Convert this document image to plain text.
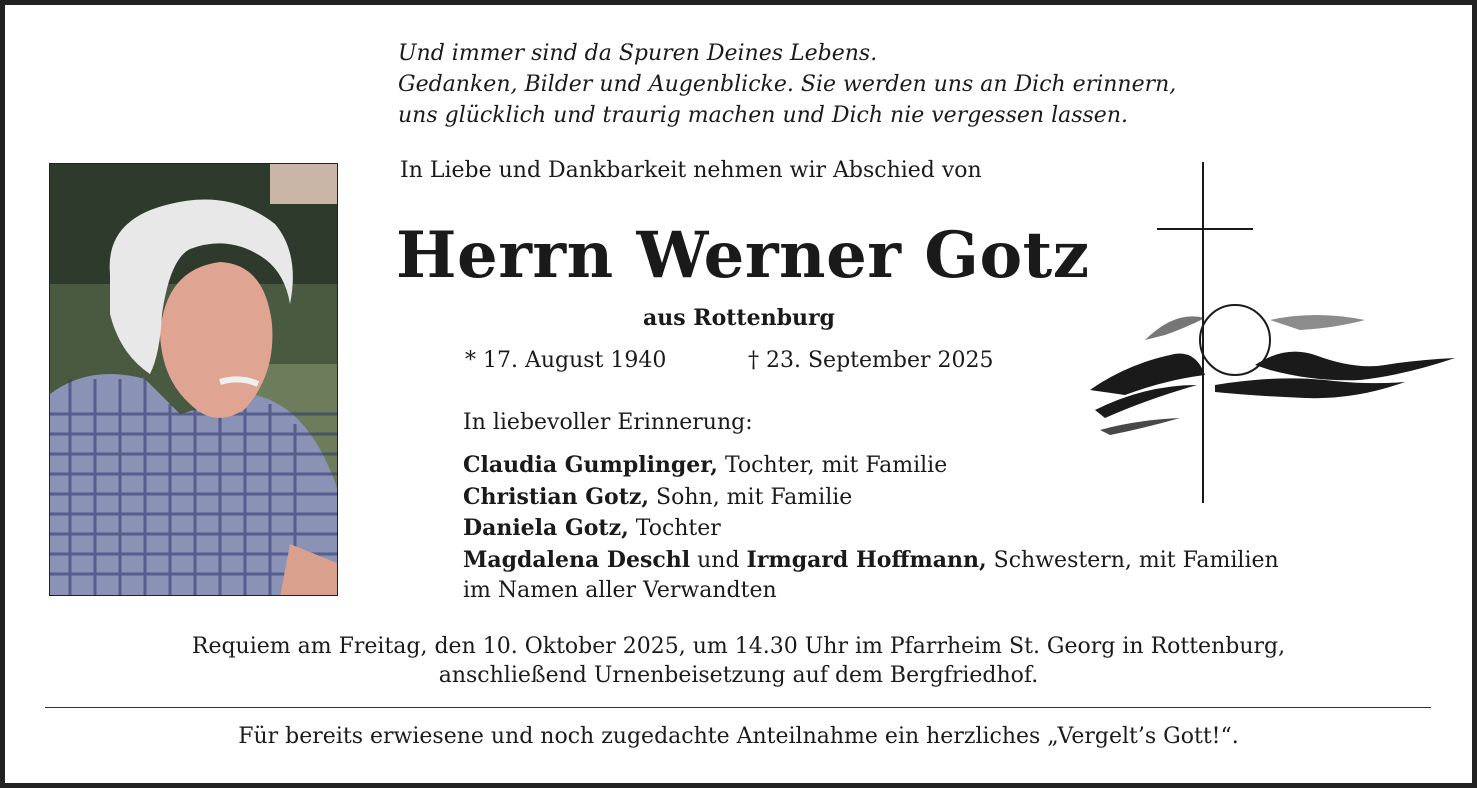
Und immer sind da Spuren Deines Lebens.
Gedanken, Bilder und Augenblicke. Sie werden uns an Dich erinnern,
uns glücklich und traurig machen und Dich nie vergessen lassen.
In Liebe und Dankbarkeit nehmen wir Abschied von
Herrn Werner Gotz
aus Rottenburg
* 17. August 1940	† 23. September 2025
In liebevoller Erinnerung:
Claudia Gumplinger, Tochter, mit Familie
Christian Gotz, Sohn, mit Familie
Daniela Gotz, Tochter
Magdalena Deschl und Irmgard Hoffmann, Schwestern, mit Familien
im Namen aller Verwandten
Requiem am Freitag, den 10. Oktober 2025, um 14.30 Uhr im Pfarrheim St. Georg in Rottenburg,
anschließend Urnenbeisetzung auf dem Bergfriedhof.
Für bereits erwiesene und noch zugedachte Anteilnahme ein herzliches „Vergelt’s Gott!“.
